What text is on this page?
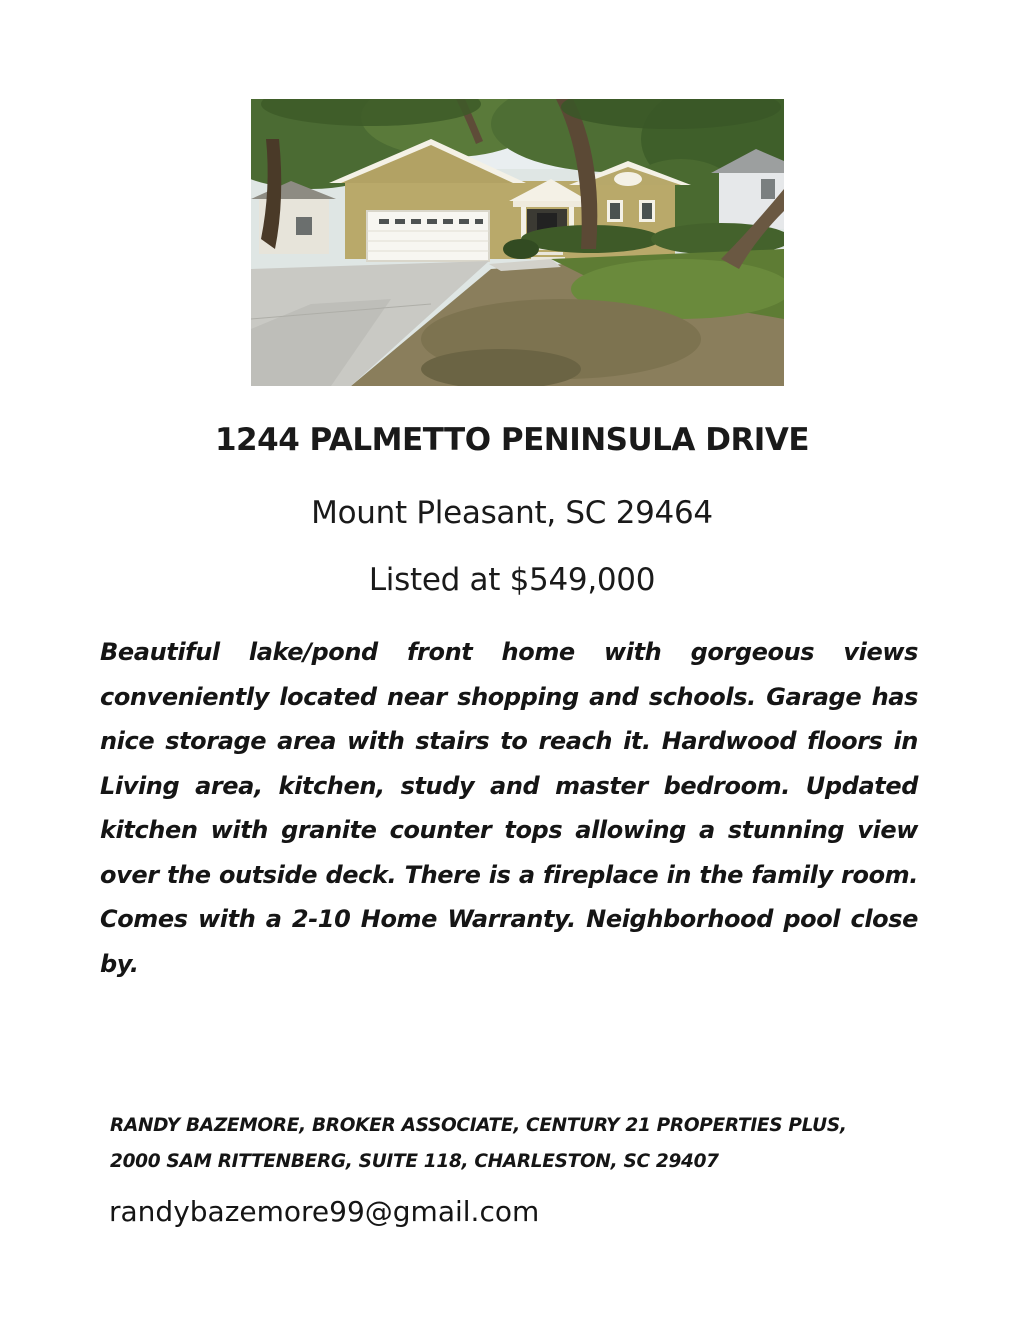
1244 PALMETTO PENINSULA DRIVE
Mount Pleasant, SC 29464
Listed at $549,000
Beautiful lake/pond front home with gorgeous views conveniently located near shopping and schools. Garage has nice storage area with stairs to reach it. Hardwood floors in Living area, kitchen, study and master bedroom. Updated kitchen with granite counter tops allowing a stunning view over the outside deck. There is a fireplace in the family room. Comes with a 2-10 Home Warranty. Neighborhood pool close by.
RANDY BAZEMORE, BROKER ASSOCIATE, CENTURY 21 PROPERTIES PLUS,
2000 SAM RITTENBERG, SUITE 118, CHARLESTON, SC 29407
randybazemore99@gmail.com
